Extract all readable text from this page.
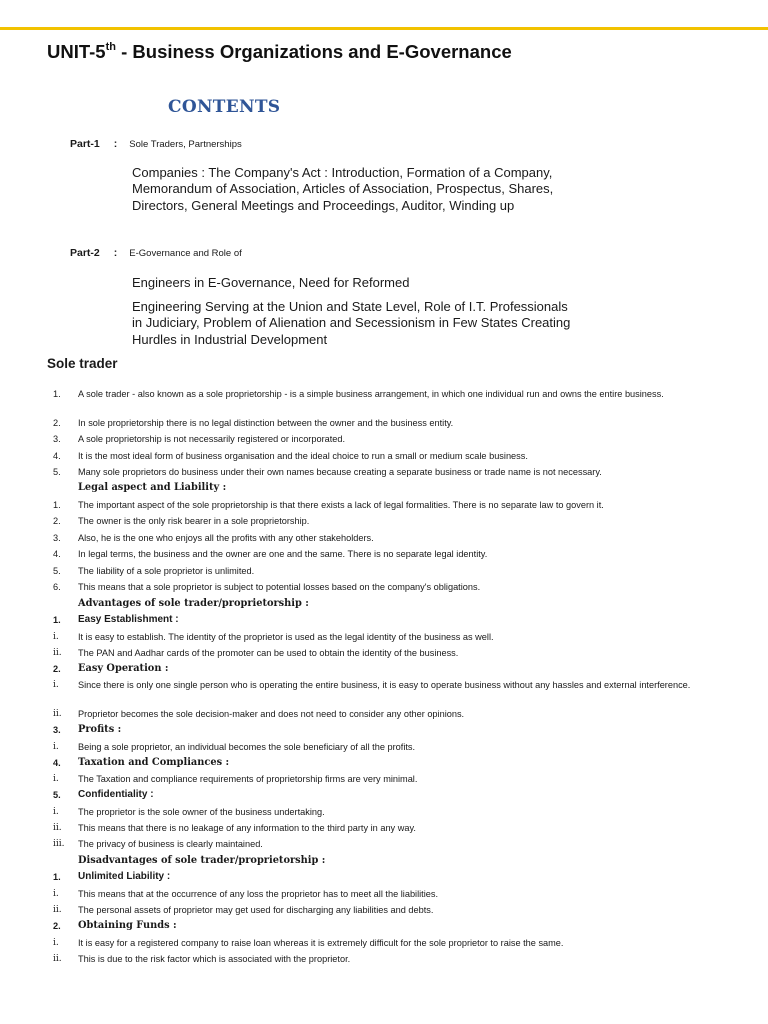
UNIT-5th - Business Organizations and E-Governance
CONTENTS
Part-1 : Sole Traders, Partnerships
Companies : The Company's Act : Introduction, Formation of a Company,
Memorandum of Association, Articles of Association, Prospectus, Shares,
Directors, General Meetings and Proceedings, Auditor, Winding up
Part-2 : E-Governance and Role of
Engineers in E-Governance, Need for Reformed
Engineering Serving at the Union and State Level, Role of I.T. Professionals
in Judiciary, Problem of Alienation and Secessionism in Few States Creating
Hurdles in Industrial Development
Sole trader
1.	A sole trader - also known as a sole proprietorship - is a simple business arrangement, in which one individual run and owns the entire business.
2.	In sole proprietorship there is no legal distinction between the owner and the business entity.
3.	A sole proprietorship is not necessarily registered or incorporated.
4.	It is the most ideal form of business organisation and the ideal choice to run a small or medium scale business.
5.	Many sole proprietors do business under their own names because creating a separate business or trade name is not necessary.
Legal aspect and Liability :
1.	The important aspect of the sole proprietorship is that there exists a lack of legal formalities. There is no separate law to govern it.
2.	The owner is the only risk bearer in a sole proprietorship.
3.	Also, he is the one who enjoys all the profits with any other stakeholders.
4.	In legal terms, the business and the owner are one and the same. There is no separate legal identity.
5.	The liability of a sole proprietor is unlimited.
6.	This means that a sole proprietor is subject to potential losses based on the company's obligations.
Advantages of sole trader/proprietorship :
1.	Easy Establishment :
i.	It is easy to establish. The identity of the proprietor is used as the legal identity of the business as well.
ii.	The PAN and Aadhar cards of the promoter can be used to obtain the identity of the business.
2.	Easy Operation :
i.	Since there is only one single person who is operating the entire business, it is easy to operate business without any hassles and external interference.
ii.	Proprietor becomes the sole decision-maker and does not need to consider any other opinions.
3.	Profits :
i.	Being a sole proprietor, an individual becomes the sole beneficiary of all the profits.
4.	Taxation and Compliances :
i.	The Taxation and compliance requirements of proprietorship firms are very minimal.
5.	Confidentiality :
i.	The proprietor is the sole owner of the business undertaking.
ii.	This means that there is no leakage of any information to the third party in any way.
iii.	The privacy of business is clearly maintained.
Disadvantages of sole trader/proprietorship :
1.	Unlimited Liability :
i.	This means that at the occurrence of any loss the proprietor has to meet all the liabilities.
ii.	The personal assets of proprietor may get used for discharging any liabilities and debts.
2.	Obtaining Funds :
i.	It is easy for a registered company to raise loan whereas it is extremely difficult for the sole proprietor to raise the same.
ii.	This is due to the risk factor which is associated with the proprietor.
